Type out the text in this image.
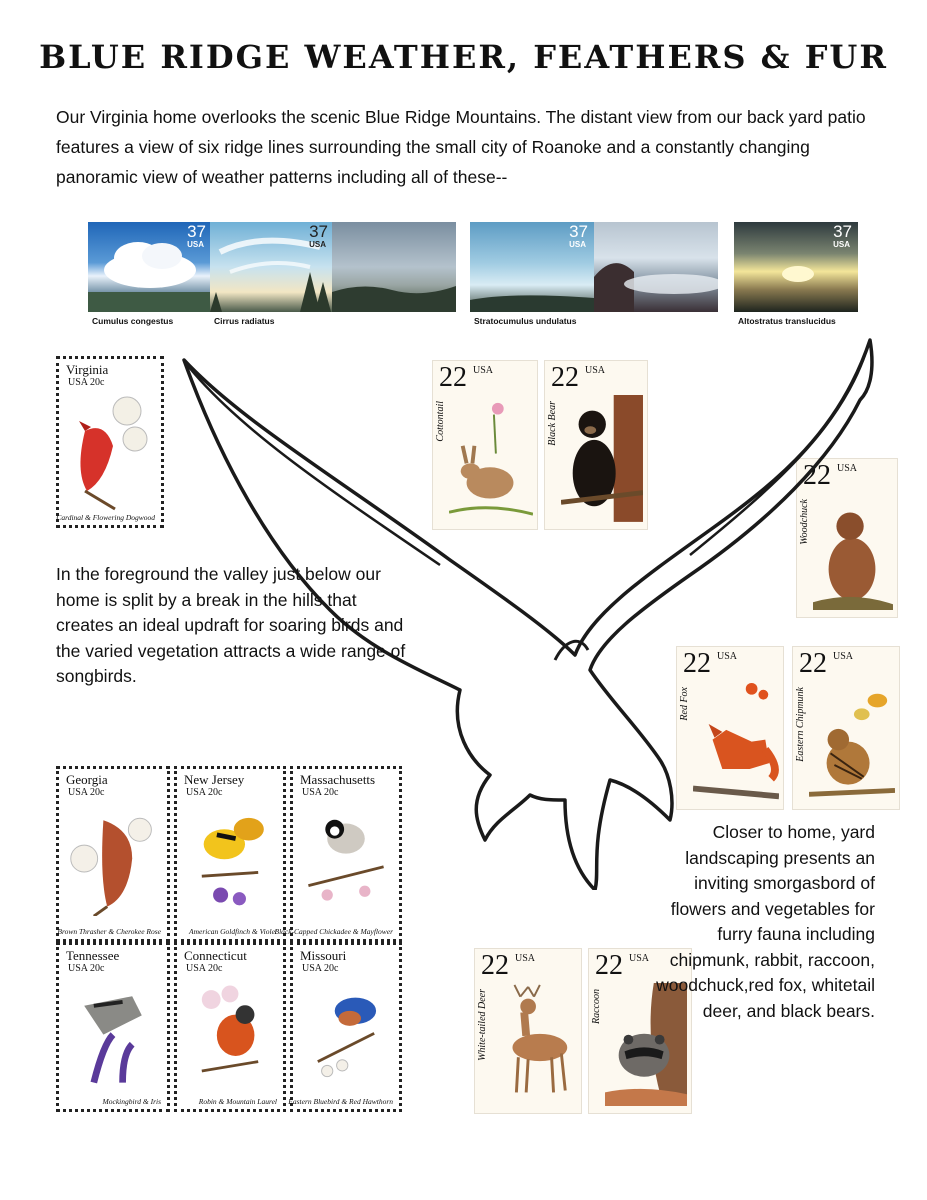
BLUE RIDGE WEATHER, FEATHERS & FUR
Our Virginia home overlooks the scenic Blue Ridge Mountains. The distant view from our back yard patio features a view of six ridge lines surrounding the small city of Roanoke and a constantly changing panoramic view of weather patterns including all of these--
37
USA
Cumulus congestus
37
USA
Cirrus radiatus
37
USA
Stratocumulus undulatus
37
USA
Altostratus translucidus
Virginia
USA 20c
Cardinal & Flowering Dogwood
22 USA
Cottontail
22 USA
Black Bear
22 USA
Woodchuck
22 USA
Red Fox
22 USA
Eastern Chipmunk
22 USA
White-tailed Deer
22 USA
Raccoon
In the foreground the valley just below our home is split by a break in the hills that creates an ideal updraft for soaring birds and the varied vegetation attracts a wide range of songbirds.
Georgia
USA 20c
Brown Thrasher & Cherokee Rose
New Jersey
USA 20c
American Goldfinch & Violet
Massachusetts
USA 20c
Black-Capped Chickadee & Mayflower
Tennessee
USA 20c
Mockingbird & Iris
Connecticut
USA 20c
Robin & Mountain Laurel
Missouri
USA 20c
Eastern Bluebird & Red Hawthorn
Closer to home, yard landscaping presents an inviting smorgasbord of flowers and vegetables for furry fauna including chipmunk, rabbit, raccoon, woodchuck,red fox, whitetail deer, and black bears.
